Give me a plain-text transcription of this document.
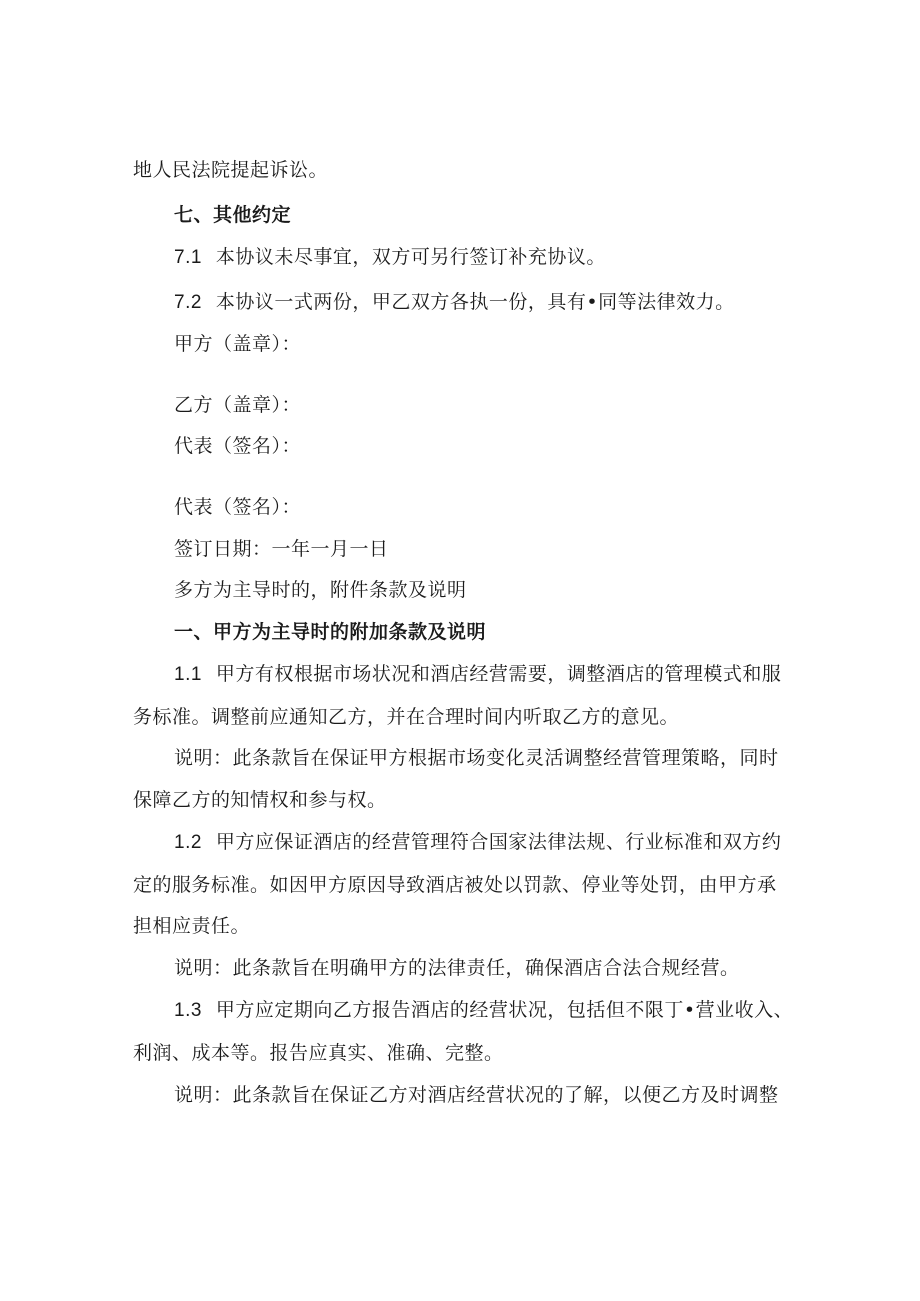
地人民法院提起诉讼。
七、其他约定
7.1 本协议未尽事宜，双方可另行签订补充协议。
7.2 本协议一式两份，甲乙双方各执一份，具有•同等法律效力。
甲方（盖章）：
乙方（盖章）：
代表（签名）：
代表（签名）：
签订日期：一年一月一日
多方为主导时的，附件条款及说明
一、甲方为主导时的附加条款及说明
1.1 甲方有权根据市场状况和酒店经营需要，调整酒店的管理模式和服
务标准。调整前应通知乙方，并在合理时间内听取乙方的意见。
说明：此条款旨在保证甲方根据市场变化灵活调整经营管理策略，同时
保障乙方的知情权和参与权。
1.2 甲方应保证酒店的经营管理符合国家法律法规、行业标准和双方约
定的服务标准。如因甲方原因导致酒店被处以罚款、停业等处罚，由甲方承
担相应责任。
说明：此条款旨在明确甲方的法律责任，确保酒店合法合规经营。
1.3 甲方应定期向乙方报告酒店的经营状况，包括但不限丁•营业收入、
利润、成本等。报告应真实、准确、完整。
说明：此条款旨在保证乙方对酒店经营状况的了解，以便乙方及时调整
